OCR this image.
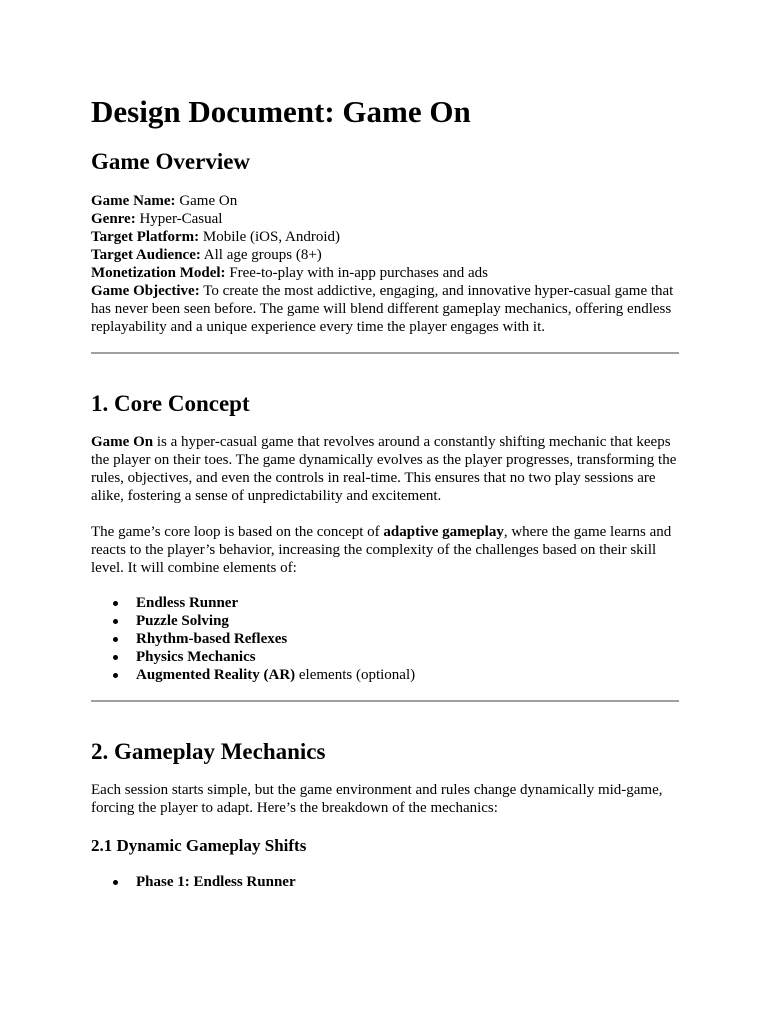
Design Document: Game On
Game Overview

Game Name: Game On

Genre: Hyper-Casual

Target Platform: Mobile (iOS, Android)

Target Audience: All age groups (8+)

Monetization Model: Free-to-play with in-app purchases and ads

Game Objective: To create the most addictive, engaging, and innovative hyper-casual game that has never been seen before. The game will blend different gameplay mechanics, offering endless replayability and a unique experience every time the player engages with it.

1. Core Concept

Game On is a hyper-casual game that revolves around a constantly shifting mechanic that keeps the player on their toes. The game dynamically evolves as the player progresses, transforming the rules, objectives, and even the controls in real-time. This ensures that no two play sessions are alike, fostering a sense of unpredictability and excitement.

The game’s core loop is based on the concept of adaptive gameplay, where the game learns and reacts to the player’s behavior, increasing the complexity of the challenges based on their skill level. It will combine elements of:

Endless Runner
Puzzle Solving
Rhythm-based Reflexes
Physics Mechanics
Augmented Reality (AR) elements (optional)
2. Gameplay Mechanics

Each session starts simple, but the game environment and rules change dynamically mid-game, forcing the player to adapt. Here’s the breakdown of the mechanics:

2.1 Dynamic Gameplay Shifts
Phase 1: Endless Runner
